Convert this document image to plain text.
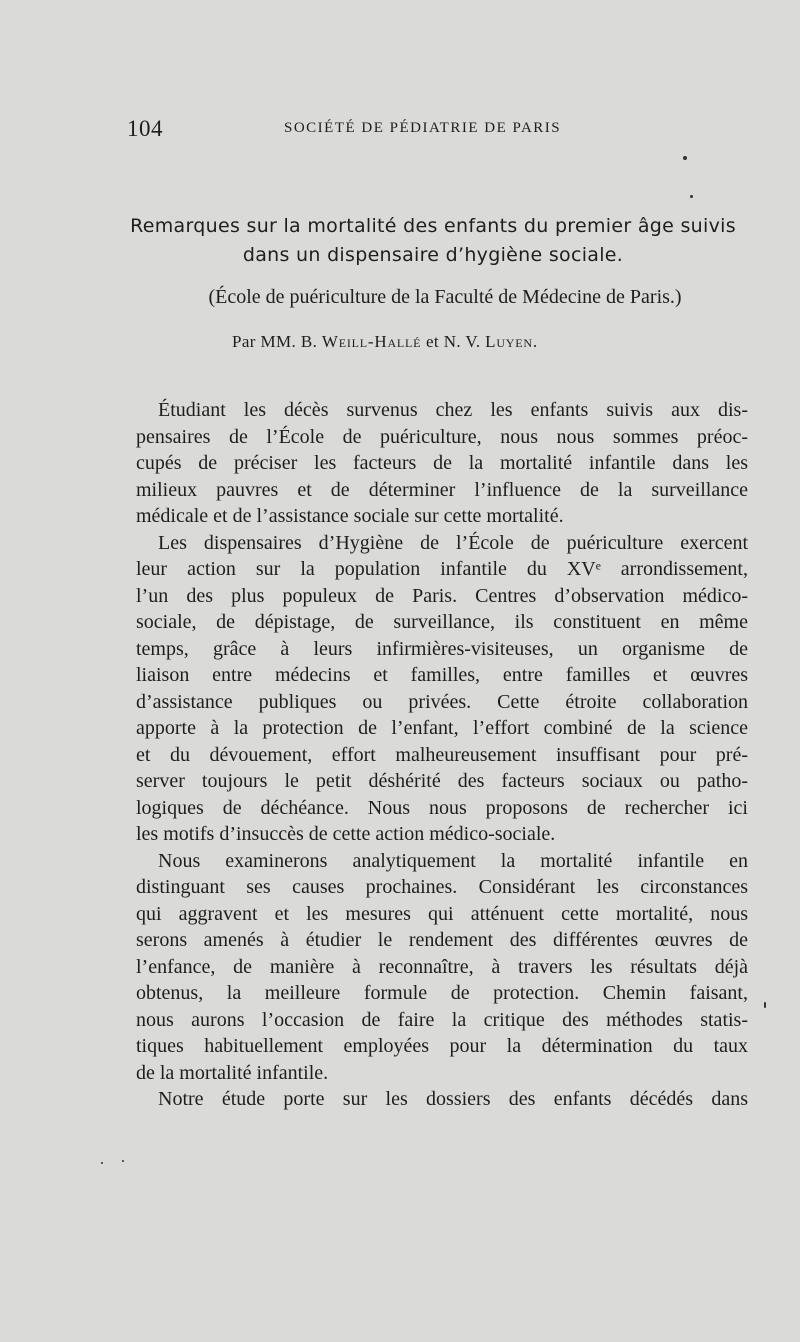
104	SOCIÉTÉ DE PÉDIATRIE DE PARIS
Remarques sur la mortalité des enfants du premier âge suivis
dans un dispensaire d’hygiène sociale.
(École de puériculture de la Faculté de Médecine de Paris.)
Par MM. B. Weill-Hallé et N. V. Luyen.
Étudiant les décès survenus chez les enfants suivis aux dis-
pensaires de l’École de puériculture, nous nous sommes préoc-
cupés de préciser les facteurs de la mortalité infantile dans les
milieux pauvres et de déterminer l’influence de la surveillance
médicale et de l’assistance sociale sur cette mortalité.
Les dispensaires d’Hygiène de l’École de puériculture exercent
leur action sur la population infantile du XVᵉ arrondissement,
l’un des plus populeux de Paris. Centres d’observation médico-
sociale, de dépistage, de surveillance, ils constituent en même
temps, grâce à leurs infirmières-visiteuses, un organisme de
liaison entre médecins et familles, entre familles et œuvres
d’assistance publiques ou privées. Cette étroite collaboration
apporte à la protection de l’enfant, l’effort combiné de la science
et du dévouement, effort malheureusement insuffisant pour pré-
server toujours le petit déshérité des facteurs sociaux ou patho-
logiques de déchéance. Nous nous proposons de rechercher ici
les motifs d’insuccès de cette action médico-sociale.
Nous examinerons analytiquement la mortalité infantile en
distinguant ses causes prochaines. Considérant les circonstances
qui aggravent et les mesures qui atténuent cette mortalité, nous
serons amenés à étudier le rendement des différentes œuvres de
l’enfance, de manière à reconnaître, à travers les résultats déjà
obtenus, la meilleure formule de protection. Chemin faisant,
nous aurons l’occasion de faire la critique des méthodes statis-
tiques habituellement employées pour la détermination du taux
de la mortalité infantile.
Notre étude porte sur les dossiers des enfants décédés dans
